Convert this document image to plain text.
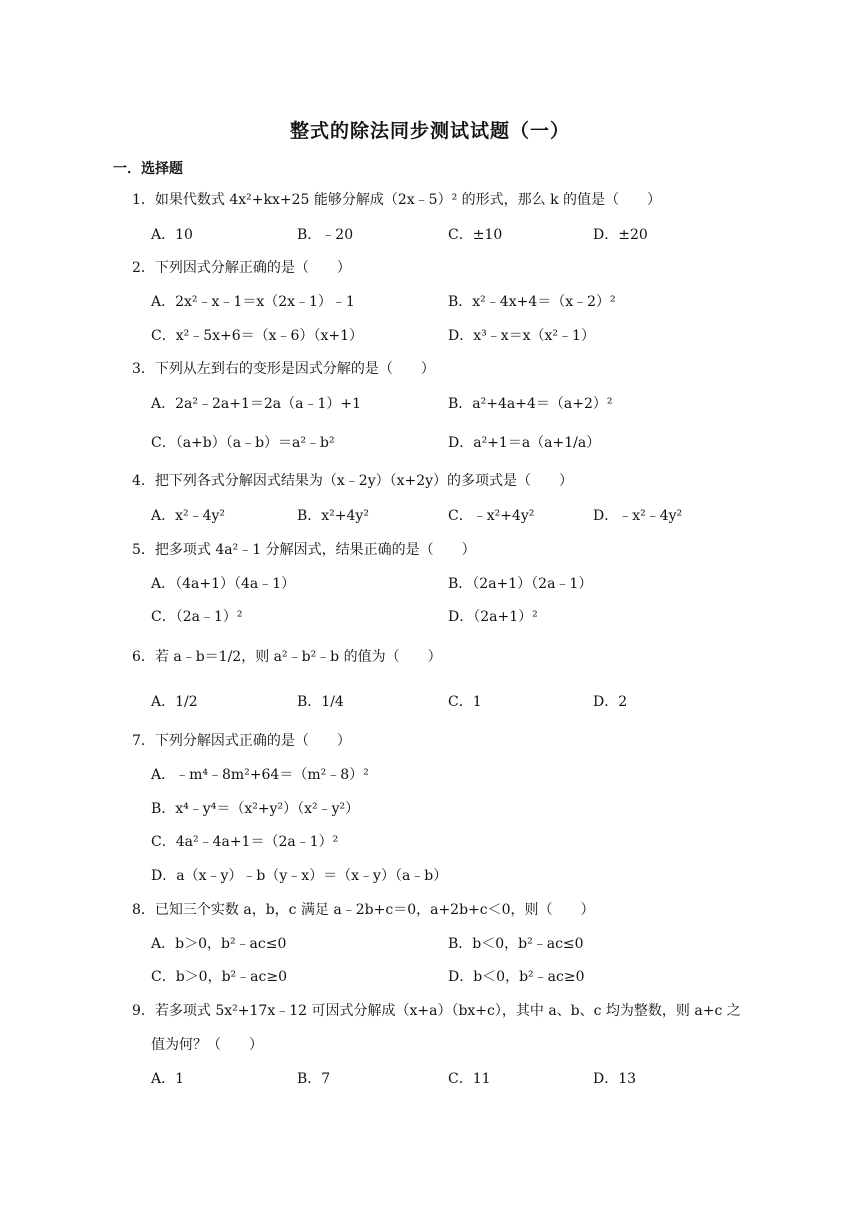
整式的除法同步测试试题（一）
一．选择题
1．如果代数式 4x²+kx+25 能够分解成（2x﹣5）² 的形式，那么 k 的值是（　　）
A．10	B．﹣20	C．±10	D．±20
2．下列因式分解正确的是（　　）
A．2x²﹣x﹣1＝x（2x﹣1）﹣1	B．x²﹣4x+4＝（x﹣2）²
C．x²﹣5x+6＝（x﹣6）（x+1）	D．x³﹣x＝x（x²﹣1）
3．下列从左到右的变形是因式分解的是（　　）
A．2a²﹣2a+1＝2a（a﹣1）+1	B．a²+4a+4＝（a+2）²
C．（a+b）（a﹣b）＝a²﹣b²	D．a²+1＝a（a+1/a）
4．把下列各式分解因式结果为（x﹣2y）（x+2y）的多项式是（　　）
A．x²﹣4y²	B．x²+4y²	C．﹣x²+4y²	D．﹣x²﹣4y²
5．把多项式 4a²﹣1 分解因式，结果正确的是（　　）
A．（4a+1）（4a﹣1）	B．（2a+1）（2a﹣1）
C．（2a﹣1）²	D．（2a+1）²
6．若 a﹣b＝1/2，则 a²﹣b²﹣b 的值为（　　）
A．1/2	B．1/4	C．1	D．2
7．下列分解因式正确的是（　　）
A．﹣m⁴﹣8m²+64＝（m²﹣8）²
B．x⁴﹣y⁴＝（x²+y²）（x²﹣y²）
C．4a²﹣4a+1＝（2a﹣1）²
D．a（x﹣y）﹣b（y﹣x）＝（x﹣y）（a﹣b）
8．已知三个实数 a，b，c 满足 a﹣2b+c＝0，a+2b+c＜0，则（　　）
A．b＞0，b²﹣ac≤0	B．b＜0，b²﹣ac≤0
C．b＞0，b²﹣ac≥0	D．b＜0，b²﹣ac≥0
9．若多项式 5x²+17x﹣12 可因式分解成（x+a）（bx+c），其中 a、b、c 均为整数，则 a+c 之
值为何？（　　）
A．1	B．7	C．11	D．13
